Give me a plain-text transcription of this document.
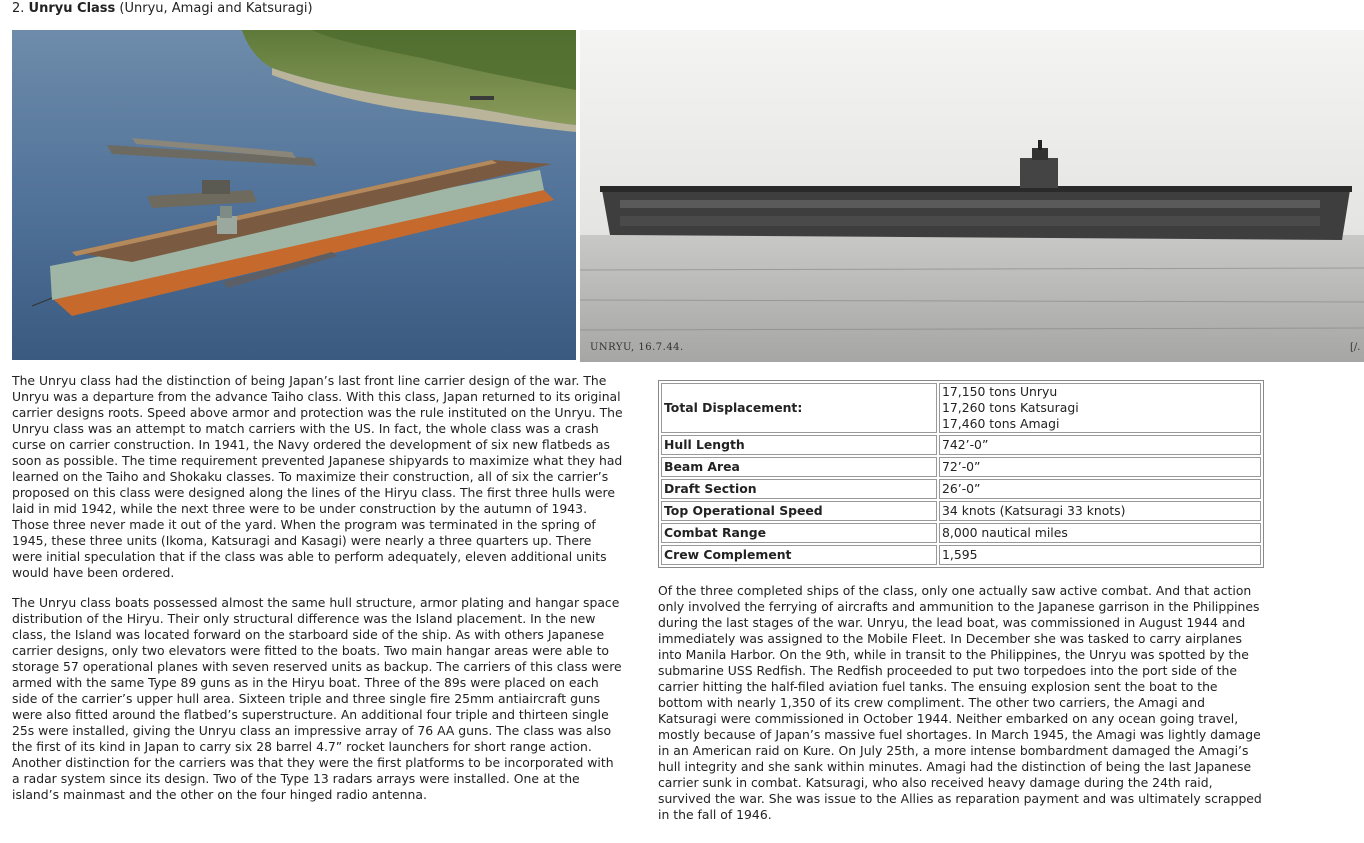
2. Unryu Class (Unryu, Amagi and Katsuragi)
UNRYU, 16.7.44.	[/.

The Unryu class had the distinction of being Japan’s last front line carrier design of the war. The Unryu was a departure from the advance Taiho class. With this class, Japan returned to its original carrier designs roots. Speed above armor and protection was the rule instituted on the Unryu. The Unryu class was an attempt to match carriers with the US. In fact, the whole class was a crash curse on carrier construction. In 1941, the Navy ordered the development of six new flatbeds as soon as possible. The time requirement prevented Japanese shipyards to maximize what they had learned on the Taiho and Shokaku classes. To maximize their construction, all of six the carrier’s proposed on this class were designed along the lines of the Hiryu class. The first three hulls were laid in mid 1942, while the next three were to be under construction by the autumn of 1943. Those three never made it out of the yard. When the program was terminated in the spring of 1945, these three units (Ikoma, Katsuragi and Kasagi) were nearly a three quarters up. There were initial speculation that if the class was able to perform adequately, eleven additional units would have been ordered.

The Unryu class boats possessed almost the same hull structure, armor plating and hangar space distribution of the Hiryu. Their only structural difference was the Island placement. In the new class, the Island was located forward on the starboard side of the ship. As with others Japanese carrier designs, only two elevators were fitted to the boats. Two main hangar areas were able to storage 57 operational planes with seven reserved units as backup. The carriers of this class were armed with the same Type 89 guns as in the Hiryu boat. Three of the 89s were placed on each side of the carrier’s upper hull area. Sixteen triple and three single fire 25mm antiaircraft guns were also fitted around the flatbed’s superstructure. An additional four triple and thirteen single 25s were installed, giving the Unryu class an impressive array of 76 AA guns. The class was also the first of its kind in Japan to carry six 28 barrel 4.7” rocket launchers for short range action. Another distinction for the carriers was that they were the first platforms to be incorporated with a radar system since its design. Two of the Type 13 radars arrays were installed. One at the island’s mainmast and the other on the four hinged radio antenna.

Total Displacement:	17,150 tons Unryu
17,260 tons Katsuragi
17,460 tons Amagi

Hull Length	742’-0”
Beam Area	72’-0”
Draft Section	26’-0”
Top Operational Speed	34 knots (Katsuragi 33 knots)
Combat Range	8,000 nautical miles
Crew Complement	1,595

Of the three completed ships of the class, only one actually saw active combat. And that action only involved the ferrying of aircrafts and ammunition to the Japanese garrison in the Philippines during the last stages of the war. Unryu, the lead boat, was commissioned in August 1944 and immediately was assigned to the Mobile Fleet. In December she was tasked to carry airplanes into Manila Harbor. On the 9th, while in transit to the Philippines, the Unryu was spotted by the submarine USS Redfish. The Redfish proceeded to put two torpedoes into the port side of the carrier hitting the half-filed aviation fuel tanks. The ensuing explosion sent the boat to the bottom with nearly 1,350 of its crew compliment. The other two carriers, the Amagi and Katsuragi were commissioned in October 1944. Neither embarked on any ocean going travel, mostly because of Japan’s massive fuel shortages. In March 1945, the Amagi was lightly damage in an American raid on Kure. On July 25th, a more intense bombardment damaged the Amagi’s hull integrity and she sank within minutes. Amagi had the distinction of being the last Japanese carrier sunk in combat. Katsuragi, who also received heavy damage during the 24th raid, survived the war. She was issue to the Allies as reparation payment and was ultimately scrapped in the fall of 1946.
